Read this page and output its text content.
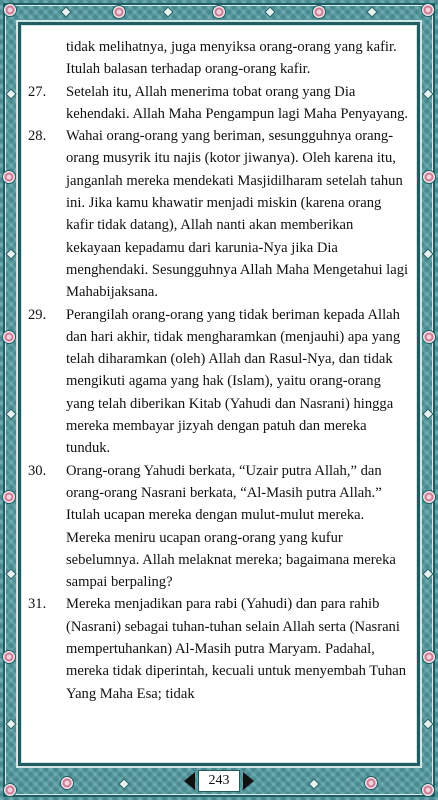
tidak melihatnya, juga menyiksa orang-orang yang kafir. Itulah balasan terhadap orang-orang kafir.
27.	Setelah itu, Allah menerima tobat orang yang Dia kehendaki. Allah Maha Pengampun lagi Maha Penyayang.
28.	Wahai orang-orang yang beriman, sesungguhnya orang-orang musyrik itu najis (kotor jiwanya). Oleh karena itu, janganlah mereka mendekati Masjidilharam setelah tahun ini. Jika kamu khawatir menjadi miskin (karena orang kafir tidak datang), Allah nanti akan memberikan kekayaan kepadamu dari karunia-Nya jika Dia menghendaki. Sesungguhnya Allah Maha Mengetahui lagi Mahabijaksana.
29.	Perangilah orang-orang yang tidak beriman kepada Allah dan hari akhir, tidak mengharamkan (menjauhi) apa yang telah diharamkan (oleh) Allah dan Rasul-Nya, dan tidak mengikuti agama yang hak (Islam), yaitu orang-orang yang telah diberikan Kitab (Yahudi dan Nasrani) hingga mereka membayar jizyah dengan patuh dan mereka tunduk.
30.	Orang-orang Yahudi berkata, “Uzair putra Allah,” dan orang-orang Nasrani berkata, “Al-Masih putra Allah.” Itulah ucapan mereka dengan mulut-mulut mereka. Mereka meniru ucapan orang-orang yang kufur sebelumnya. Allah melaknat mereka; bagaimana mereka sampai berpaling?
31.	Mereka menjadikan para rabi (Yahudi) dan para rahib (Nasrani) sebagai tuhan-tuhan selain Allah serta (Nasrani mempertuhankan) Al-Masih putra Maryam. Padahal, mereka tidak diperintah, kecuali untuk menyembah Tuhan Yang Maha Esa; tidak
243
